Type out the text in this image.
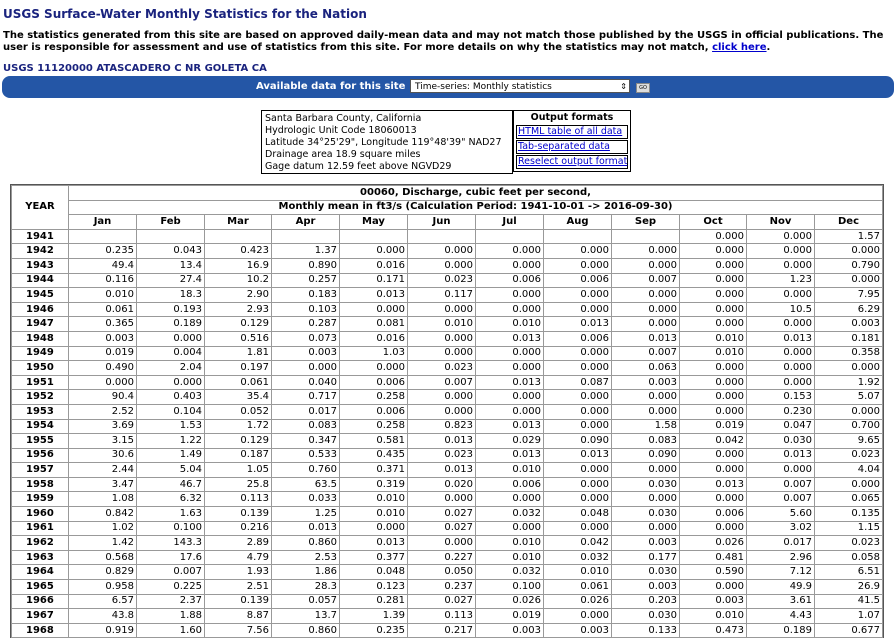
USGS Surface-Water Monthly Statistics for the Nation
The statistics generated from this site are based on approved daily-mean data and may not match those published by the USGS in official publications. The user is responsible for assessment and use of statistics from this site. For more details on why the statistics may not match, click here.
USGS 11120000 ATASCADERO C NR GOLETA CA
Available data for this site	Time-series: Monthly statistics	⇕	GO
Santa Barbara County, California
Hydrologic Unit Code 18060013
Latitude 34°25'29", Longitude 119°48'39" NAD27
Drainage area 18.9 square miles
Gage datum 12.59 feet above NGVD29
Output formats
HTML table of all data
Tab-separated data
Reselect output format
YEAR	00060, Discharge, cubic feet per second,											
	Monthly mean in ft3/s (Calculation Period: 1941-10-01 -> 2016-09-30)											
	Jan	Feb	Mar	Apr	May	Jun	Jul	Aug	Sep	Oct	Nov	Dec
1941										0.000	0.000	1.57
1942	0.235	0.043	0.423	1.37	0.000	0.000	0.000	0.000	0.000	0.000	0.000	0.000
1943	49.4	13.4	16.9	0.890	0.016	0.000	0.000	0.000	0.000	0.000	0.000	0.790
1944	0.116	27.4	10.2	0.257	0.171	0.023	0.006	0.006	0.007	0.000	1.23	0.000
1945	0.010	18.3	2.90	0.183	0.013	0.117	0.000	0.000	0.000	0.000	0.000	7.95
1946	0.061	0.193	2.93	0.103	0.000	0.000	0.000	0.000	0.000	0.000	10.5	6.29
1947	0.365	0.189	0.129	0.287	0.081	0.010	0.010	0.013	0.000	0.000	0.000	0.003
1948	0.003	0.000	0.516	0.073	0.016	0.000	0.013	0.006	0.013	0.010	0.013	0.181
1949	0.019	0.004	1.81	0.003	1.03	0.000	0.000	0.000	0.007	0.010	0.000	0.358
1950	0.490	2.04	0.197	0.000	0.000	0.023	0.000	0.000	0.063	0.000	0.000	0.000
1951	0.000	0.000	0.061	0.040	0.006	0.007	0.013	0.087	0.003	0.000	0.000	1.92
1952	90.4	0.403	35.4	0.717	0.258	0.000	0.000	0.000	0.000	0.000	0.153	5.07
1953	2.52	0.104	0.052	0.017	0.006	0.000	0.000	0.000	0.000	0.000	0.230	0.000
1954	3.69	1.53	1.72	0.083	0.258	0.823	0.013	0.000	1.58	0.019	0.047	0.700
1955	3.15	1.22	0.129	0.347	0.581	0.013	0.029	0.090	0.083	0.042	0.030	9.65
1956	30.6	1.49	0.187	0.533	0.435	0.023	0.013	0.013	0.090	0.000	0.013	0.023
1957	2.44	5.04	1.05	0.760	0.371	0.013	0.010	0.000	0.000	0.000	0.000	4.04
1958	3.47	46.7	25.8	63.5	0.319	0.020	0.006	0.000	0.030	0.013	0.007	0.000
1959	1.08	6.32	0.113	0.033	0.010	0.000	0.000	0.000	0.000	0.000	0.007	0.065
1960	0.842	1.63	0.139	1.25	0.010	0.027	0.032	0.048	0.030	0.006	5.60	0.135
1961	1.02	0.100	0.216	0.013	0.000	0.027	0.000	0.000	0.000	0.000	3.02	1.15
1962	1.42	143.3	2.89	0.860	0.013	0.000	0.010	0.042	0.003	0.026	0.017	0.023
1963	0.568	17.6	4.79	2.53	0.377	0.227	0.010	0.032	0.177	0.481	2.96	0.058
1964	0.829	0.007	1.93	1.86	0.048	0.050	0.032	0.010	0.030	0.590	7.12	6.51
1965	0.958	0.225	2.51	28.3	0.123	0.237	0.100	0.061	0.003	0.000	49.9	26.9
1966	6.57	2.37	0.139	0.057	0.281	0.027	0.026	0.026	0.203	0.003	3.61	41.5
1967	43.8	1.88	8.87	13.7	1.39	0.113	0.019	0.000	0.030	0.010	4.43	1.07
1968	0.919	1.60	7.56	0.860	0.235	0.217	0.003	0.003	0.133	0.473	0.189	0.677
